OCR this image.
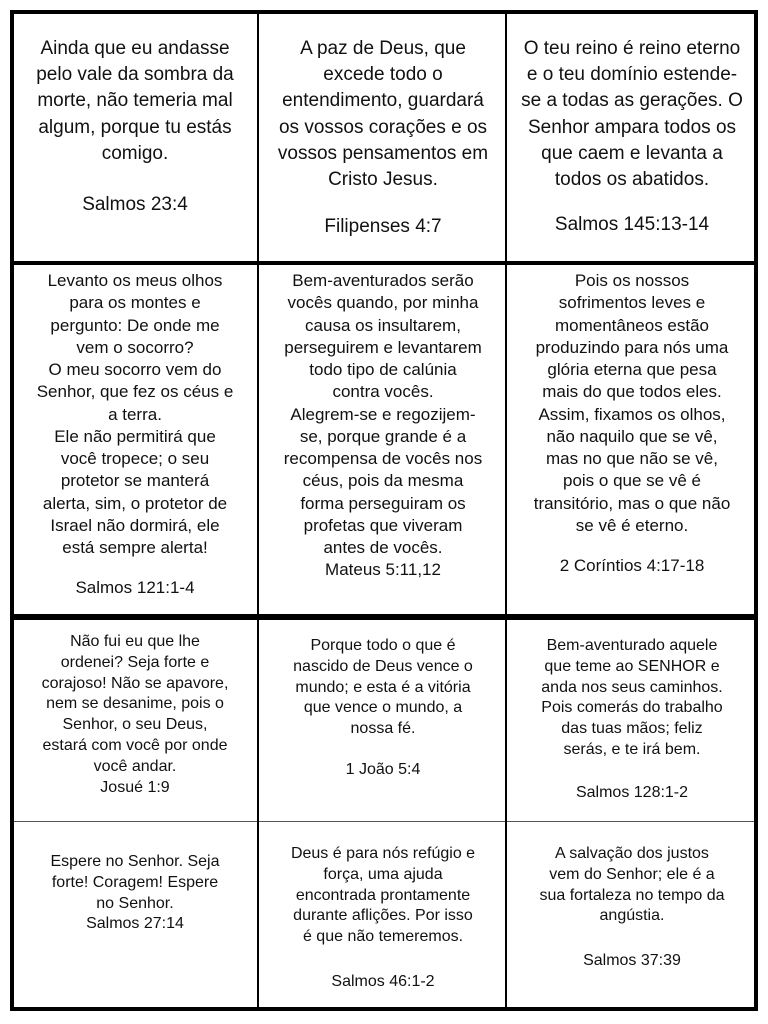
Ainda que eu andasse
pelo vale da sombra da
morte, não temeria mal
algum, porque tu estás
comigo.

Salmos 23:4

A paz de Deus, que
excede todo o
entendimento, guardará
os vossos corações e os
vossos pensamentos em
Cristo Jesus.

Filipenses 4:7

O teu reino é reino eterno
e o teu domínio estende-
se a todas as gerações. O
Senhor ampara todos os
que caem e levanta a
todos os abatidos.

Salmos 145:13-14

Levanto os meus olhos
para os montes e
pergunto: De onde me
vem o socorro?
O meu socorro vem do
Senhor, que fez os céus e
a terra.
Ele não permitirá que
você tropece; o seu
protetor se manterá
alerta, sim, o protetor de
Israel não dormirá, ele
está sempre alerta!

Salmos 121:1-4

Bem-aventurados serão
vocês quando, por minha
causa os insultarem,
perseguirem e levantarem
todo tipo de calúnia
contra vocês.
Alegrem-se e regozijem-
se, porque grande é a
recompensa de vocês nos
céus, pois da mesma
forma perseguiram os
profetas que viveram
antes de vocês.

Mateus 5:11,12

Pois os nossos
sofrimentos leves e
momentâneos estão
produzindo para nós uma
glória eterna que pesa
mais do que todos eles.
Assim, fixamos os olhos,
não naquilo que se vê,
mas no que não se vê,
pois o que se vê é
transitório, mas o que não
se vê é eterno.

2 Coríntios 4:17-18

Não fui eu que lhe
ordenei? Seja forte e
corajoso! Não se apavore,
nem se desanime, pois o
Senhor, o seu Deus,
estará com você por onde
você andar.

Josué 1:9

Porque todo o que é
nascido de Deus vence o
mundo; e esta é a vitória
que vence o mundo, a
nossa fé.

1 João 5:4

Bem-aventurado aquele
que teme ao SENHOR e
anda nos seus caminhos.
Pois comerás do trabalho
das tuas mãos; feliz
serás, e te irá bem.

Salmos 128:1-2

Espere no Senhor. Seja
forte! Coragem! Espere
no Senhor.

Salmos 27:14

Deus é para nós refúgio e
força, uma ajuda
encontrada prontamente
durante aflições. Por isso
é que não temeremos.

Salmos 46:1-2

A salvação dos justos
vem do Senhor; ele é a
sua fortaleza no tempo da
angústia.

Salmos 37:39
